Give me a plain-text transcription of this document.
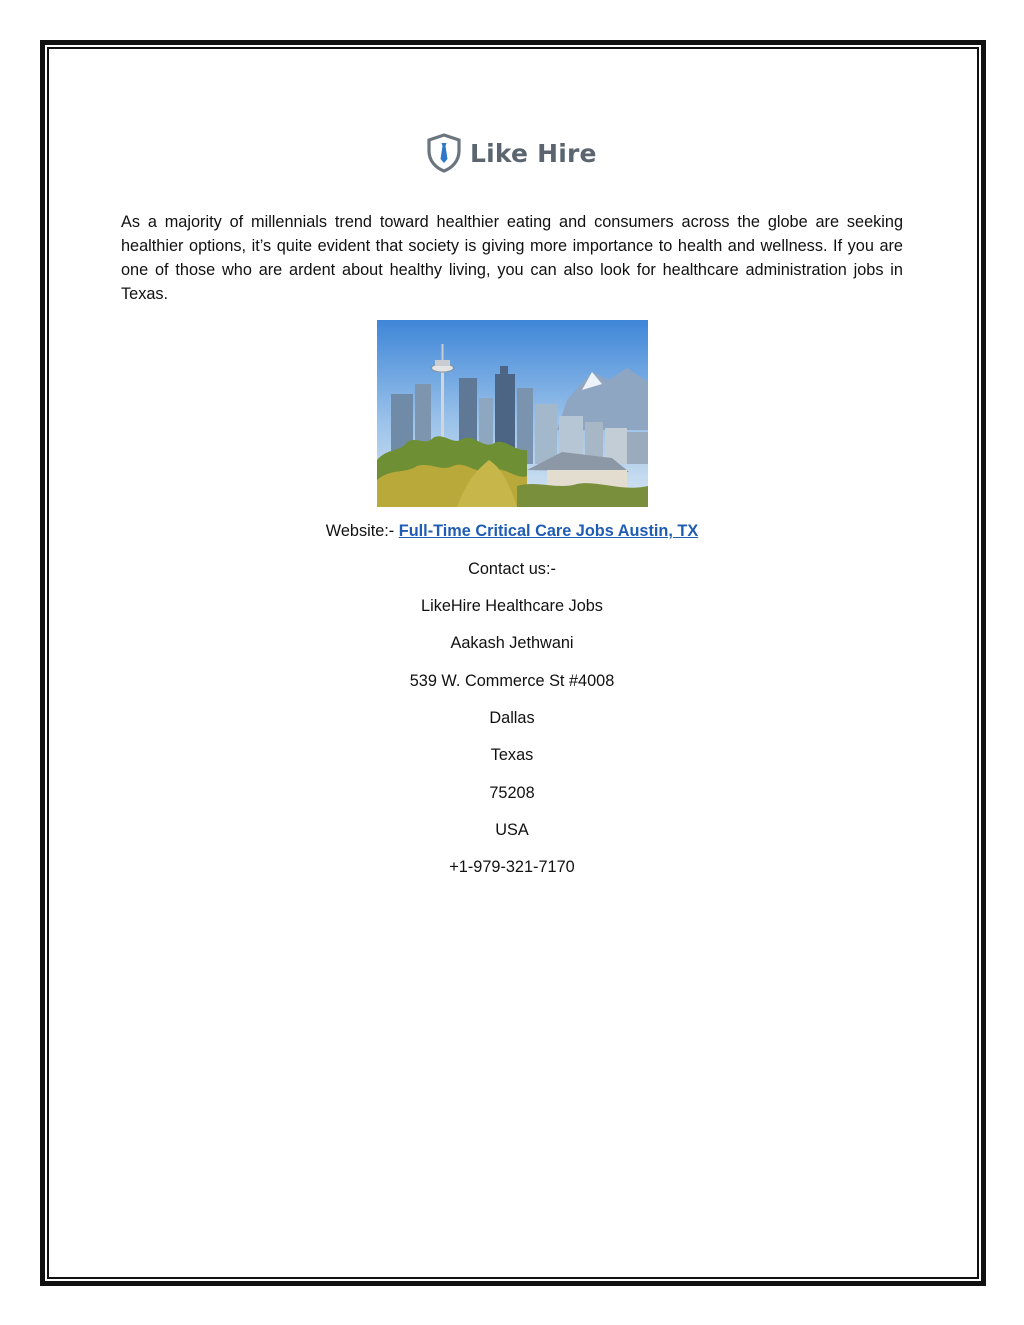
Like Hire

As a majority of millennials trend toward healthier eating and consumers across the globe are seeking healthier options, it’s quite evident that society is giving more importance to health and wellness. If you are one of those who are ardent about healthy living, you can also look for healthcare administration jobs in Texas.

Website:- Full-Time Critical Care Jobs Austin, TX
Contact us:-
LikeHire Healthcare Jobs
Aakash Jethwani
539 W. Commerce St #4008
Dallas
Texas
75208
USA
+1-979-321-7170
